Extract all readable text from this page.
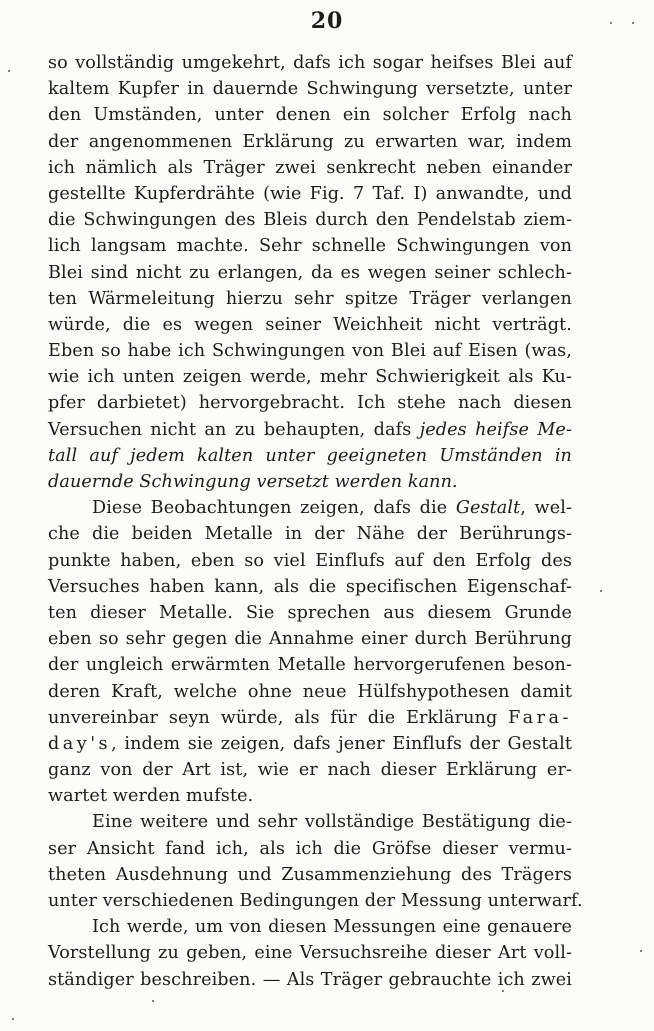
20
so vollständig umgekehrt, dafs ich sogar heifses Blei auf
kaltem Kupfer in dauernde Schwingung versetzte, unter
den Umständen, unter denen ein solcher Erfolg nach
der angenommenen Erklärung zu erwarten war, indem
ich nämlich als Träger zwei senkrecht neben einander
gestellte Kupferdrähte (wie Fig. 7 Taf. I) anwandte, und
die Schwingungen des Bleis durch den Pendelstab ziem-
lich langsam machte. Sehr schnelle Schwingungen von
Blei sind nicht zu erlangen, da es wegen seiner schlech-
ten Wärmeleitung hierzu sehr spitze Träger verlangen
würde, die es wegen seiner Weichheit nicht verträgt.
Eben so habe ich Schwingungen von Blei auf Eisen (was,
wie ich unten zeigen werde, mehr Schwierigkeit als Ku-
pfer darbietet) hervorgebracht. Ich stehe nach diesen
Versuchen nicht an zu behaupten, dafs jedes heifse Me-
tall auf jedem kalten unter geeigneten Umständen in
dauernde Schwingung versetzt werden kann.
Diese Beobachtungen zeigen, dafs die Gestalt, wel-
che die beiden Metalle in der Nähe der Berührungs-
punkte haben, eben so viel Einflufs auf den Erfolg des
Versuches haben kann, als die specifischen Eigenschaf-
ten dieser Metalle. Sie sprechen aus diesem Grunde
eben so sehr gegen die Annahme einer durch Berührung
der ungleich erwärmten Metalle hervorgerufenen beson-
deren Kraft, welche ohne neue Hülfshypothesen damit
unvereinbar seyn würde, als für die Erklärung Fara-
day's, indem sie zeigen, dafs jener Einflufs der Gestalt
ganz von der Art ist, wie er nach dieser Erklärung er-
wartet werden mufste.
Eine weitere und sehr vollständige Bestätigung die-
ser Ansicht fand ich, als ich die Gröfse dieser vermu-
theten Ausdehnung und Zusammenziehung des Trägers
unter verschiedenen Bedingungen der Messung unterwarf.
Ich werde, um von diesen Messungen eine genauere
Vorstellung zu geben, eine Versuchsreihe dieser Art voll-
ständiger beschreiben. — Als Träger gebrauchte ich zwei
